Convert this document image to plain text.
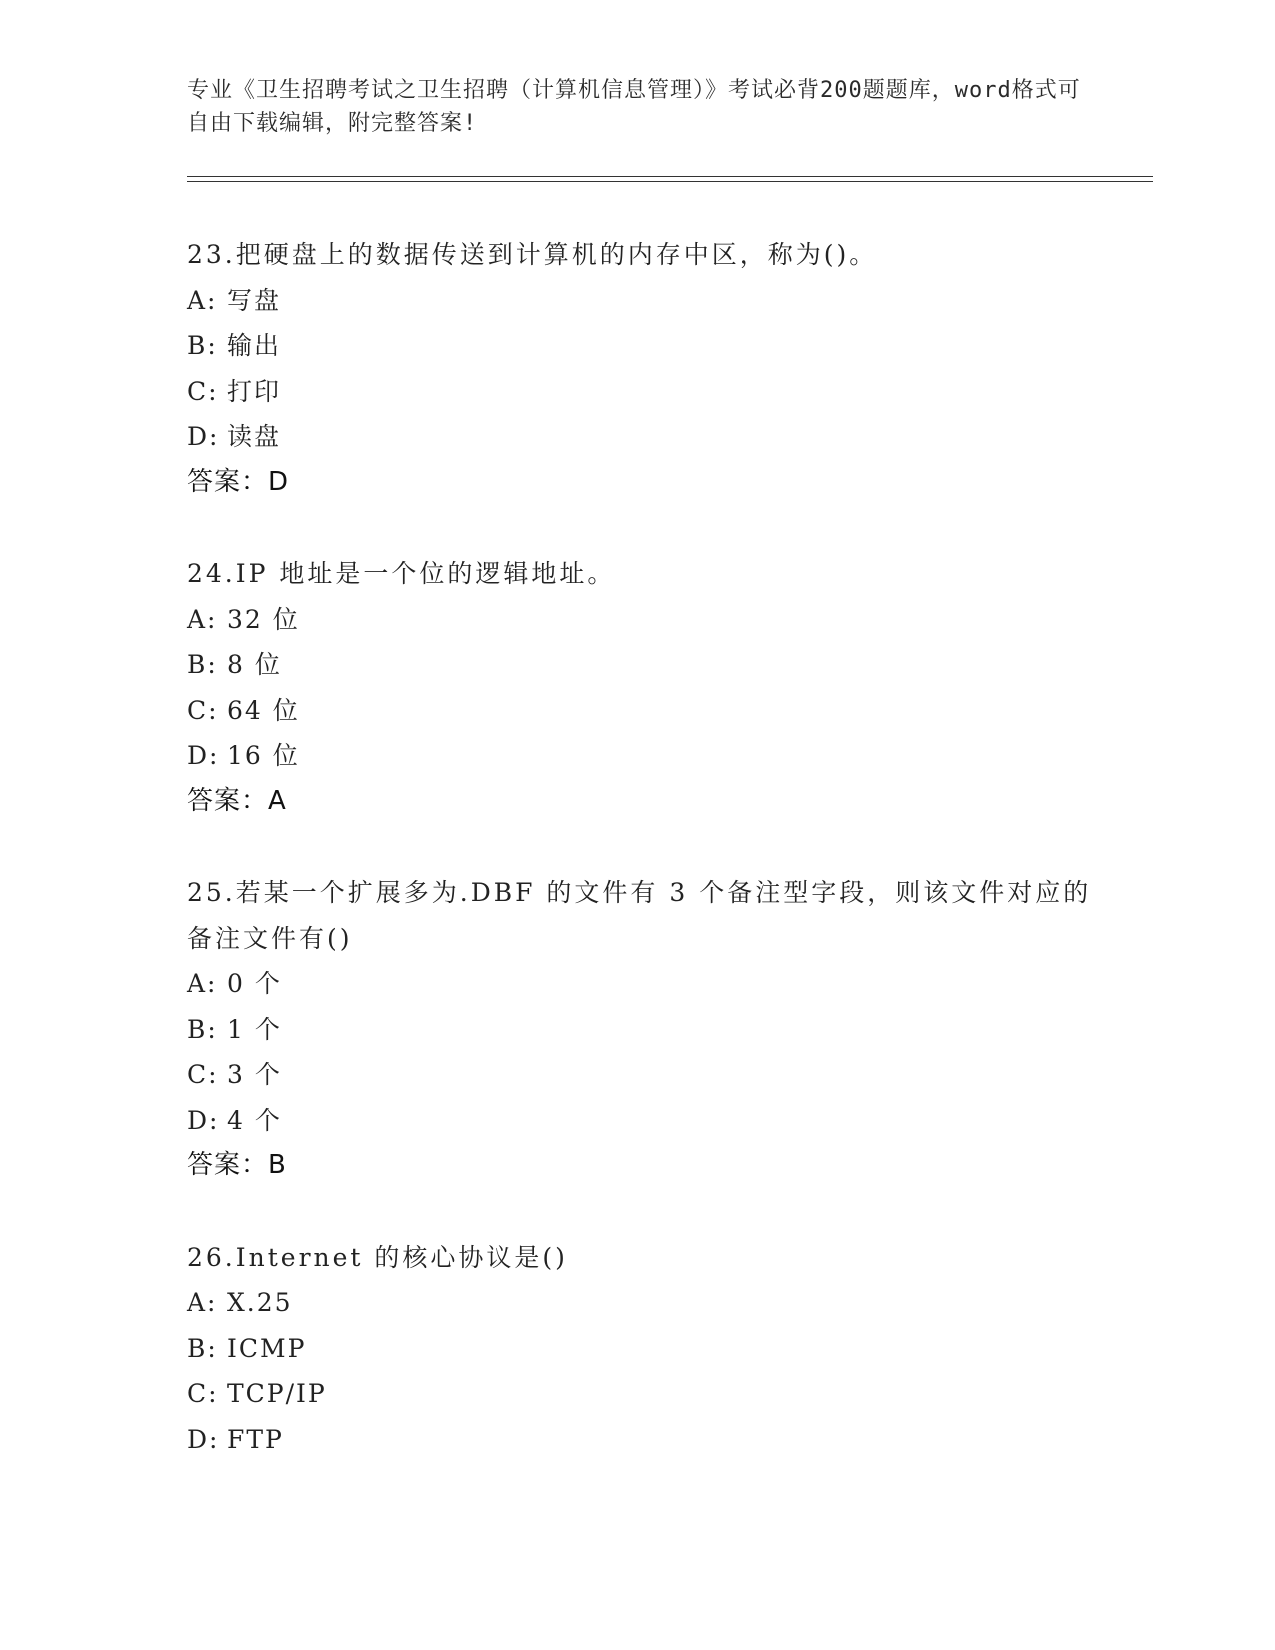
专业《卫生招聘考试之卫生招聘（计算机信息管理）》考试必背200题题库，word格式可自由下载编辑，附完整答案!
23.把硬盘上的数据传送到计算机的内存中区，称为()。
A: 写盘
B: 输出
C: 打印
D: 读盘
答案：D
24.IP 地址是一个位的逻辑地址。
A: 32 位
B: 8 位
C: 64 位
D: 16 位
答案：A
25.若某一个扩展多为.DBF 的文件有 3 个备注型字段，则该文件对应的备注文件有()
A: 0 个
B: 1 个
C: 3 个
D: 4 个
答案：B
26.Internet 的核心协议是()
A: X.25
B: ICMP
C: TCP/IP
D: FTP
